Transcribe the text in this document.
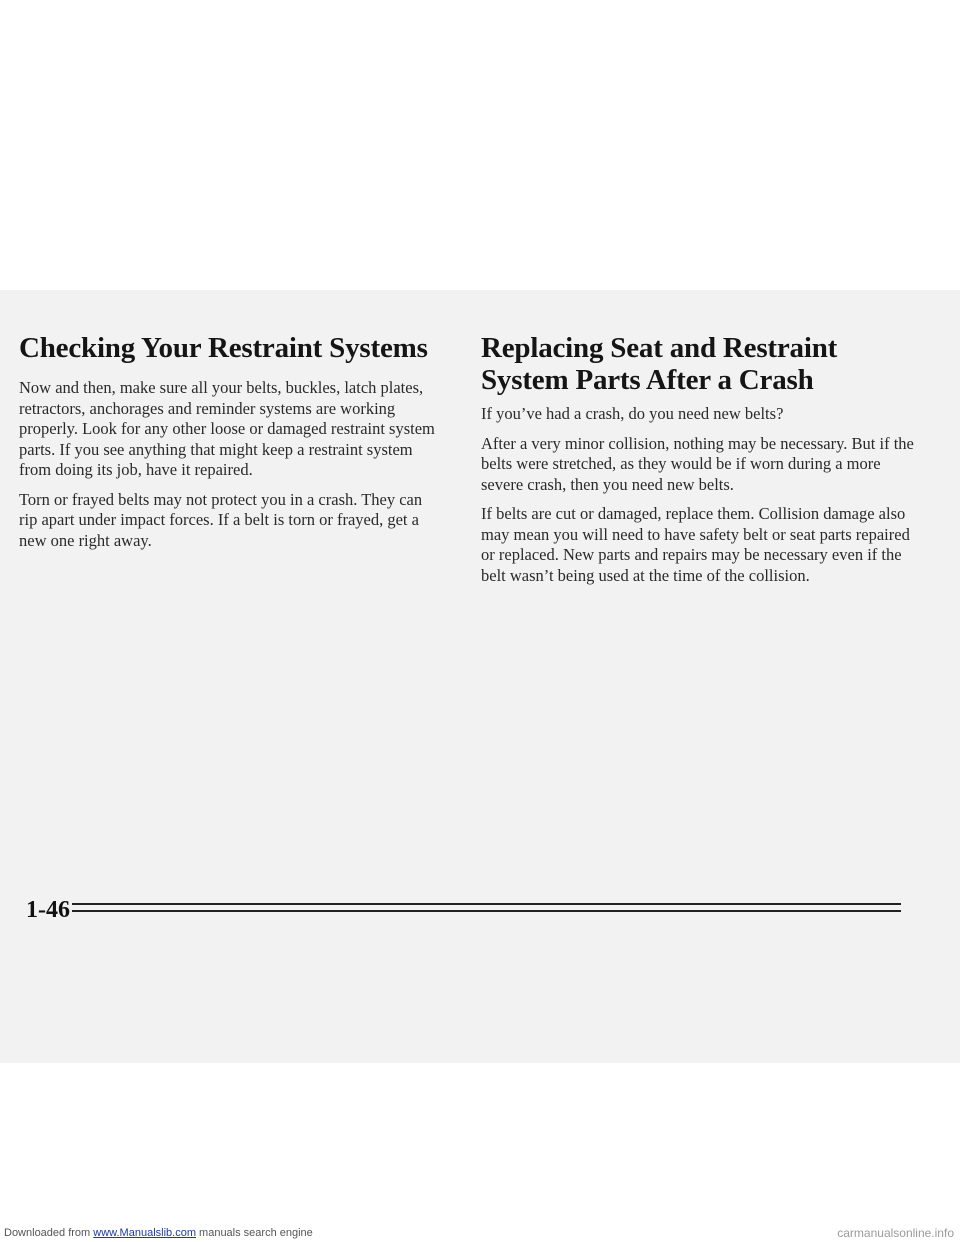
Checking Your Restraint Systems

Now and then, make sure all your belts, buckles, latch plates, retractors, anchorages and reminder systems are working properly. Look for any other loose or damaged restraint system parts. If you see anything that might keep a restraint system from doing its job, have it repaired.

Torn or frayed belts may not protect you in a crash. They can rip apart under impact forces. If a belt is torn or frayed, get a new one right away.

Replacing Seat and Restraint System Parts After a Crash

If you’ve had a crash, do you need new belts?

After a very minor collision, nothing may be necessary. But if the belts were stretched, as they would be if worn during a more severe crash, then you need new belts.

If belts are cut or damaged, replace them. Collision damage also may mean you will need to have safety belt or seat parts repaired or replaced. New parts and repairs may be necessary even if the belt wasn’t being used at the time of the collision.

1-46
Downloaded from www.Manualslib.com manuals search engine	carmanualsonline.info
